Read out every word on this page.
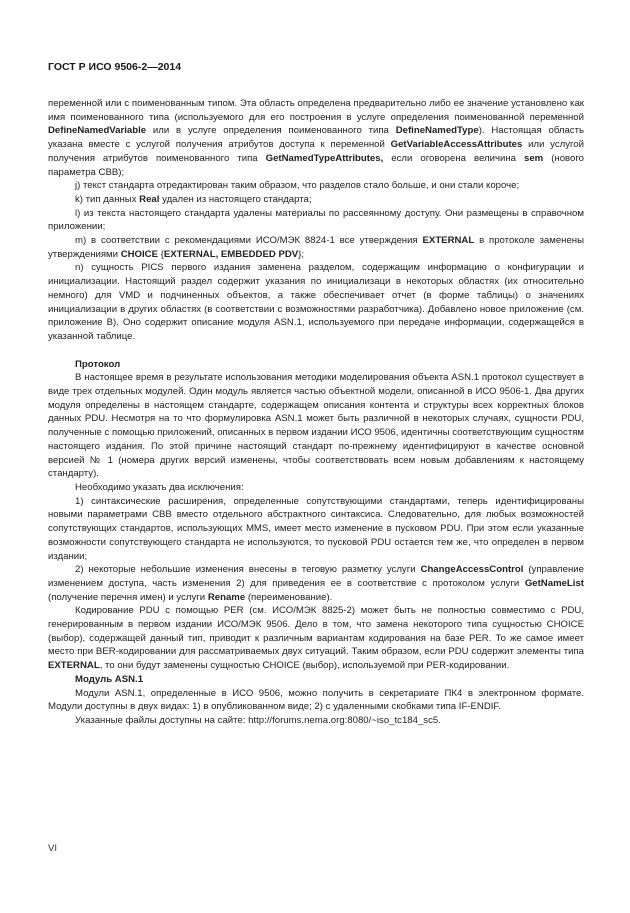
ГОСТ Р ИСО 9506-2—2014

переменной или с поименованным типом. Эта область определена предварительно либо ее значение установлено как имя поименованного типа (используемого для его построения в услуге определения поименованной переменной DefineNamedVariable или в услуге определения поименованного типа DefineNamedType). Настоящая область указана вместе с услугой получения атрибутов доступа к переменной GetVariableAccessAttributes или услугой получения атрибутов поименованного типа GetNamedTypeAttributes, если оговорена величина sem (нового параметра СВВ);

j) текст стандарта отредактирован таким образом, что разделов стало больше, и они стали короче;

k) тип данных Real удален из настоящего стандарта;

l) из текста настоящего стандарта удалены материалы по рассеянному доступу. Они размещены в справочном приложении;

m) в соответствии с рекомендациями ИСО/МЭК 8824-1 все утверждения EXTERNAL в протоколе заменены утверждениями CHOICE {EXTERNAL, EMBEDDED PDV};

n) сущность PICS первого издания заменена разделом, содержащим информацию о конфигурации и инициализации. Настоящий раздел содержит указания по инициализаци в некоторых областях (их относительно немного) для VMD и подчиненных объектов, а также обеспечивает отчет (в форме таблицы) о значениях инициализации в других областях (в соответствии с возможностями разработчика). Добавлено новое приложение (см. приложение В). Оно содержит описание модуля ASN.1, используемого при передаче информации, содержащейся в указанной таблице.

Протокол

В настоящее время в результате использования методики моделирования объекта ASN.1 протокол существует в виде трех отдельных модулей. Один модуль является частью объектной модели, описанной в ИСО 9506-1. Два других модуля определены в настоящем стандарте, содержащем описания контента и структуры всех корректных блоков данных PDU. Несмотря на то что формулировка ASN.1 может быть различной в некоторых случаях, сущности PDU, полученные с помощью приложений, описанных в первом издании ИСО 9506, идентичны соответствующим сущностям настоящего издания. По этой причине настоящий стандарт по-прежнему идентифицируют в качестве основной версией № 1 (номера других версий изменены, чтобы соответствовать всем новым добавлениям к настоящему стандарту).

Необходимо указать два исключения:

1) синтаксические расширения, определенные сопутствующими стандартами, теперь идентифицированы новыми параметрами СВВ вместо отдельного абстрактного синтаксиса. Следовательно, для любых возможностей сопутствующих стандартов, использующих MMS, имеет место изменение в пусковом PDU. При этом если указанные возможности сопутствующего стандарта не используются, то пусковой PDU остается тем же, что определен в первом издании;

2) некоторые небольшие изменения внесены в теговую разметку услуги ChangeAccessControl (управление изменением доступа, часть изменения 2) для приведения ее в соответствие с протоколом услуги GetNameList (получение перечня имен) и услуги Rename (переименование).

Кодирование PDU с помощью PER (см. ИСО/МЭК 8825-2) может быть не полностью совместимо с PDU, генерированным в первом издании ИСО/МЭК 9506. Дело в том, что замена некоторого типа сущностью CHOICE (выбор), содержащей данный тип, приводит к различным вариантам кодирования на базе PER. То же самое имеет место при BER-кодировании для рассматриваемых двух ситуаций. Таким образом, если PDU содержит элементы типа EXTERNAL, то они будут заменены сущностью CHOICE (выбор), используемой при PER-кодировании.

Модуль ASN.1

Модули ASN.1, определенные в ИСО 9506, можно получить в секретариате ПК4 в электронном формате. Модули доступны в двух видах: 1) в опубликованном виде; 2) с удаленными скобками типа IF-ENDIF.

Указанные файлы доступны на сайте: http://forums.nema.org:8080/~iso_tc184_sc5.

VI
